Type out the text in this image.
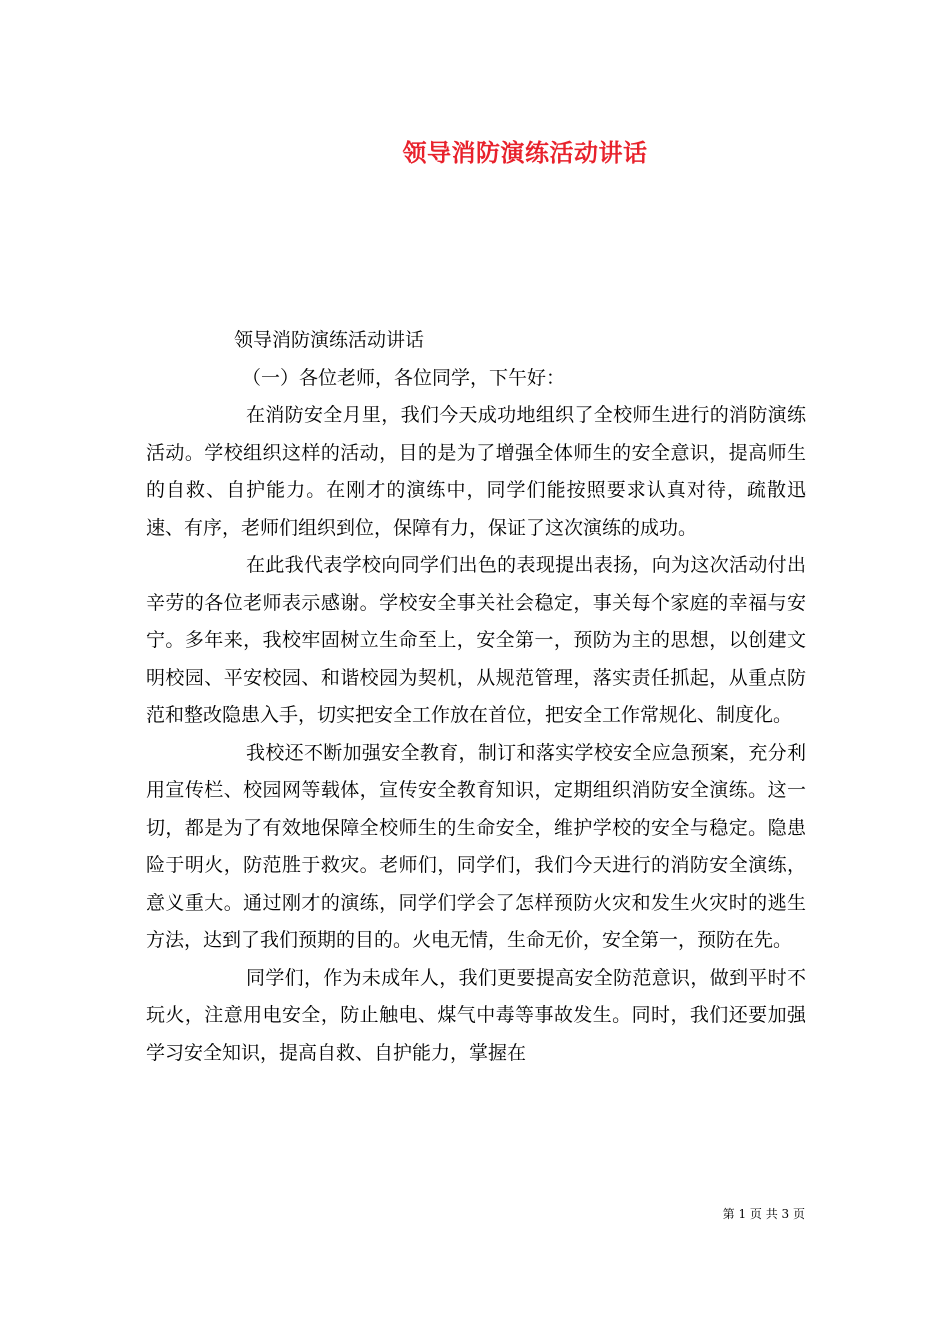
领导消防演练活动讲话

领导消防演练活动讲话

（一）各位老师，各位同学，下午好：

在消防安全月里，我们今天成功地组织了全校师生进行的消防演练活动。学校组织这样的活动，目的是为了增强全体师生的安全意识，提高师生的自救、自护能力。在刚才的演练中，同学们能按照要求认真对待，疏散迅速、有序，老师们组织到位，保障有力，保证了这次演练的成功。

在此我代表学校向同学们出色的表现提出表扬，向为这次活动付出辛劳的各位老师表示感谢。学校安全事关社会稳定，事关每个家庭的幸福与安宁。多年来，我校牢固树立生命至上，安全第一，预防为主的思想，以创建文明校园、平安校园、和谐校园为契机，从规范管理，落实责任抓起，从重点防范和整改隐患入手，切实把安全工作放在首位，把安全工作常规化、制度化。

我校还不断加强安全教育，制订和落实学校安全应急预案，充分利用宣传栏、校园网等载体，宣传安全教育知识，定期组织消防安全演练。这一切，都是为了有效地保障全校师生的生命安全，维护学校的安全与稳定。隐患险于明火，防范胜于救灾。老师们，同学们，我们今天进行的消防安全演练，意义重大。通过刚才的演练，同学们学会了怎样预防火灾和发生火灾时的逃生方法，达到了我们预期的目的。火电无情，生命无价，安全第一，预防在先。

同学们，作为未成年人，我们更要提高安全防范意识，做到平时不玩火，注意用电安全，防止触电、煤气中毒等事故发生。同时，我们还要加强学习安全知识，提高自救、自护能力，掌握在

第 1 页 共 3 页
